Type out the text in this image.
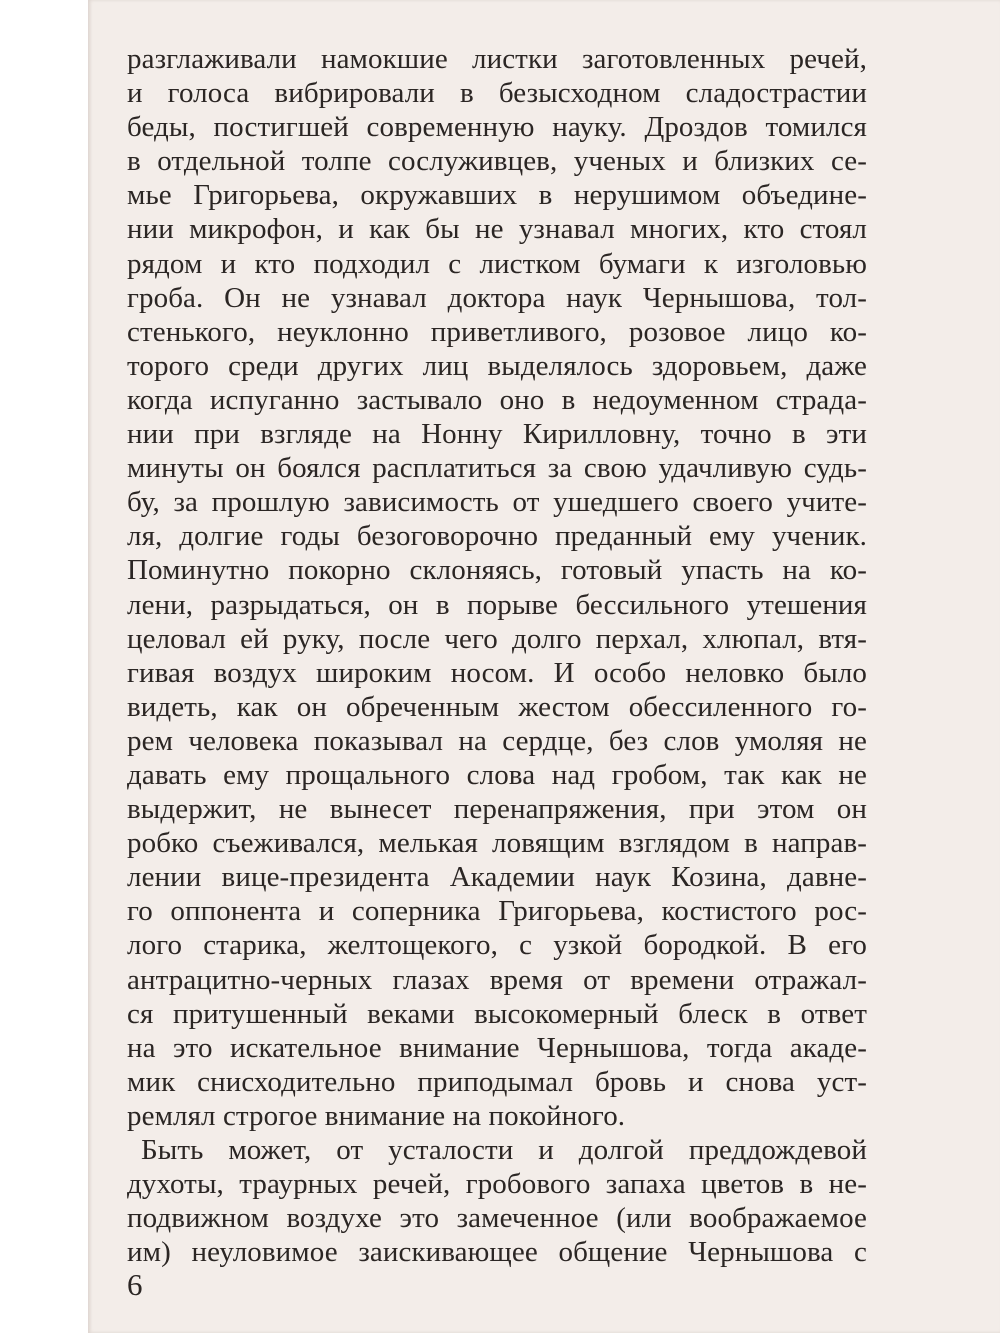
разглаживали намокшие листки заготовленных речей,
и голоса вибрировали в безысходном сладострастии
беды, постигшей современную науку. Дроздов томился
в отдельной толпе сослуживцев, ученых и близких се-
мье Григорьева, окружавших в нерушимом объедине-
нии микрофон, и как бы не узнавал многих, кто стоял
рядом и кто подходил с листком бумаги к изголовью
гроба. Он не узнавал доктора наук Чернышова, тол-
стенького, неуклонно приветливого, розовое лицо ко-
торого среди других лиц выделялось здоровьем, даже
когда испуганно застывало оно в недоуменном страда-
нии при взгляде на Нонну Кирилловну, точно в эти
минуты он боялся расплатиться за свою удачливую судь-
бу, за прошлую зависимость от ушедшего своего учите-
ля, долгие годы безоговорочно преданный ему ученик.
Поминутно покорно склоняясь, готовый упасть на ко-
лени, разрыдаться, он в порыве бессильного утешения
целовал ей руку, после чего долго перхал, хлюпал, втя-
гивая воздух широким носом. И особо неловко было
видеть, как он обреченным жестом обессиленного го-
рем человека показывал на сердце, без слов умоляя не
давать ему прощального слова над гробом, так как не
выдержит, не вынесет перенапряжения, при этом он
робко съеживался, мелькая ловящим взглядом в направ-
лении вице-президента Академии наук Козина, давне-
го оппонента и соперника Григорьева, костистого рос-
лого старика, желтощекого, с узкой бородкой. В его
антрацитно-черных глазах время от времени отражал-
ся притушенный веками высокомерный блеск в ответ
на это искательное внимание Чернышова, тогда акаде-
мик снисходительно приподымал бровь и снова уст-
ремлял строгое внимание на покойного.
Быть может, от усталости и долгой преддождевой
духоты, траурных речей, гробового запаха цветов в не-
подвижном воздухе это замеченное (или воображаемое
им) неуловимое заискивающее общение Чернышова с
6
